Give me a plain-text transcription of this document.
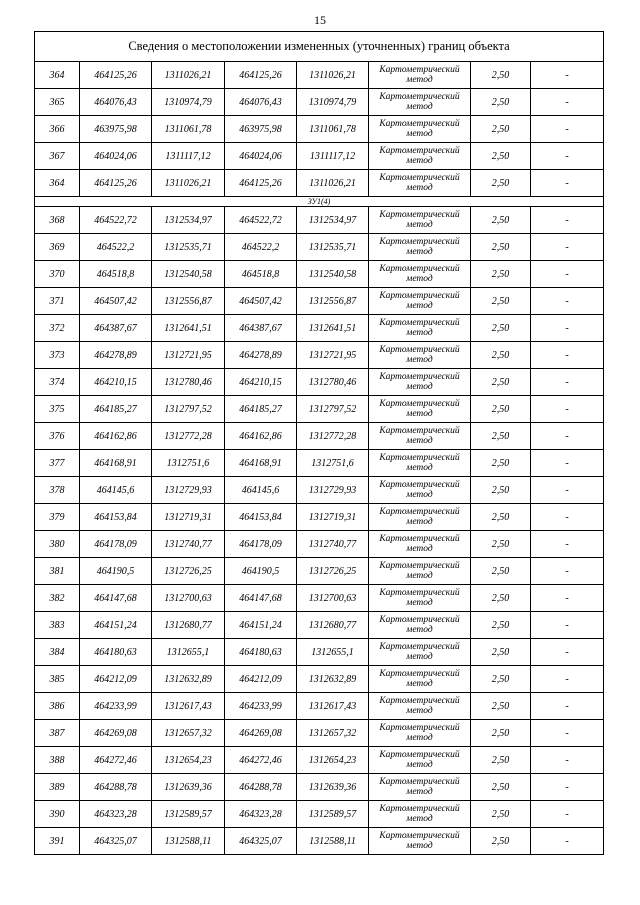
15
Сведения о местоположении измененных (уточненных) границ объекта							
364	464125,26	1311026,21	464125,26	1311026,21	Картометрический метод	2,50	-
365	464076,43	1310974,79	464076,43	1310974,79	Картометрический метод	2,50	-
366	463975,98	1311061,78	463975,98	1311061,78	Картометрический метод	2,50	-
367	464024,06	1311117,12	464024,06	1311117,12	Картометрический метод	2,50	-
364	464125,26	1311026,21	464125,26	1311026,21	Картометрический метод	2,50	-
ЗУ1(4)							
368	464522,72	1312534,97	464522,72	1312534,97	Картометрический метод	2,50	-
369	464522,2	1312535,71	464522,2	1312535,71	Картометрический метод	2,50	-
370	464518,8	1312540,58	464518,8	1312540,58	Картометрический метод	2,50	-
371	464507,42	1312556,87	464507,42	1312556,87	Картометрический метод	2,50	-
372	464387,67	1312641,51	464387,67	1312641,51	Картометрический метод	2,50	-
373	464278,89	1312721,95	464278,89	1312721,95	Картометрический метод	2,50	-
374	464210,15	1312780,46	464210,15	1312780,46	Картометрический метод	2,50	-
375	464185,27	1312797,52	464185,27	1312797,52	Картометрический метод	2,50	-
376	464162,86	1312772,28	464162,86	1312772,28	Картометрический метод	2,50	-
377	464168,91	1312751,6	464168,91	1312751,6	Картометрический метод	2,50	-
378	464145,6	1312729,93	464145,6	1312729,93	Картометрический метод	2,50	-
379	464153,84	1312719,31	464153,84	1312719,31	Картометрический метод	2,50	-
380	464178,09	1312740,77	464178,09	1312740,77	Картометрический метод	2,50	-
381	464190,5	1312726,25	464190,5	1312726,25	Картометрический метод	2,50	-
382	464147,68	1312700,63	464147,68	1312700,63	Картометрический метод	2,50	-
383	464151,24	1312680,77	464151,24	1312680,77	Картометрический метод	2,50	-
384	464180,63	1312655,1	464180,63	1312655,1	Картометрический метод	2,50	-
385	464212,09	1312632,89	464212,09	1312632,89	Картометрический метод	2,50	-
386	464233,99	1312617,43	464233,99	1312617,43	Картометрический метод	2,50	-
387	464269,08	1312657,32	464269,08	1312657,32	Картометрический метод	2,50	-
388	464272,46	1312654,23	464272,46	1312654,23	Картометрический метод	2,50	-
389	464288,78	1312639,36	464288,78	1312639,36	Картометрический метод	2,50	-
390	464323,28	1312589,57	464323,28	1312589,57	Картометрический метод	2,50	-
391	464325,07	1312588,11	464325,07	1312588,11	Картометрический метод	2,50	-
